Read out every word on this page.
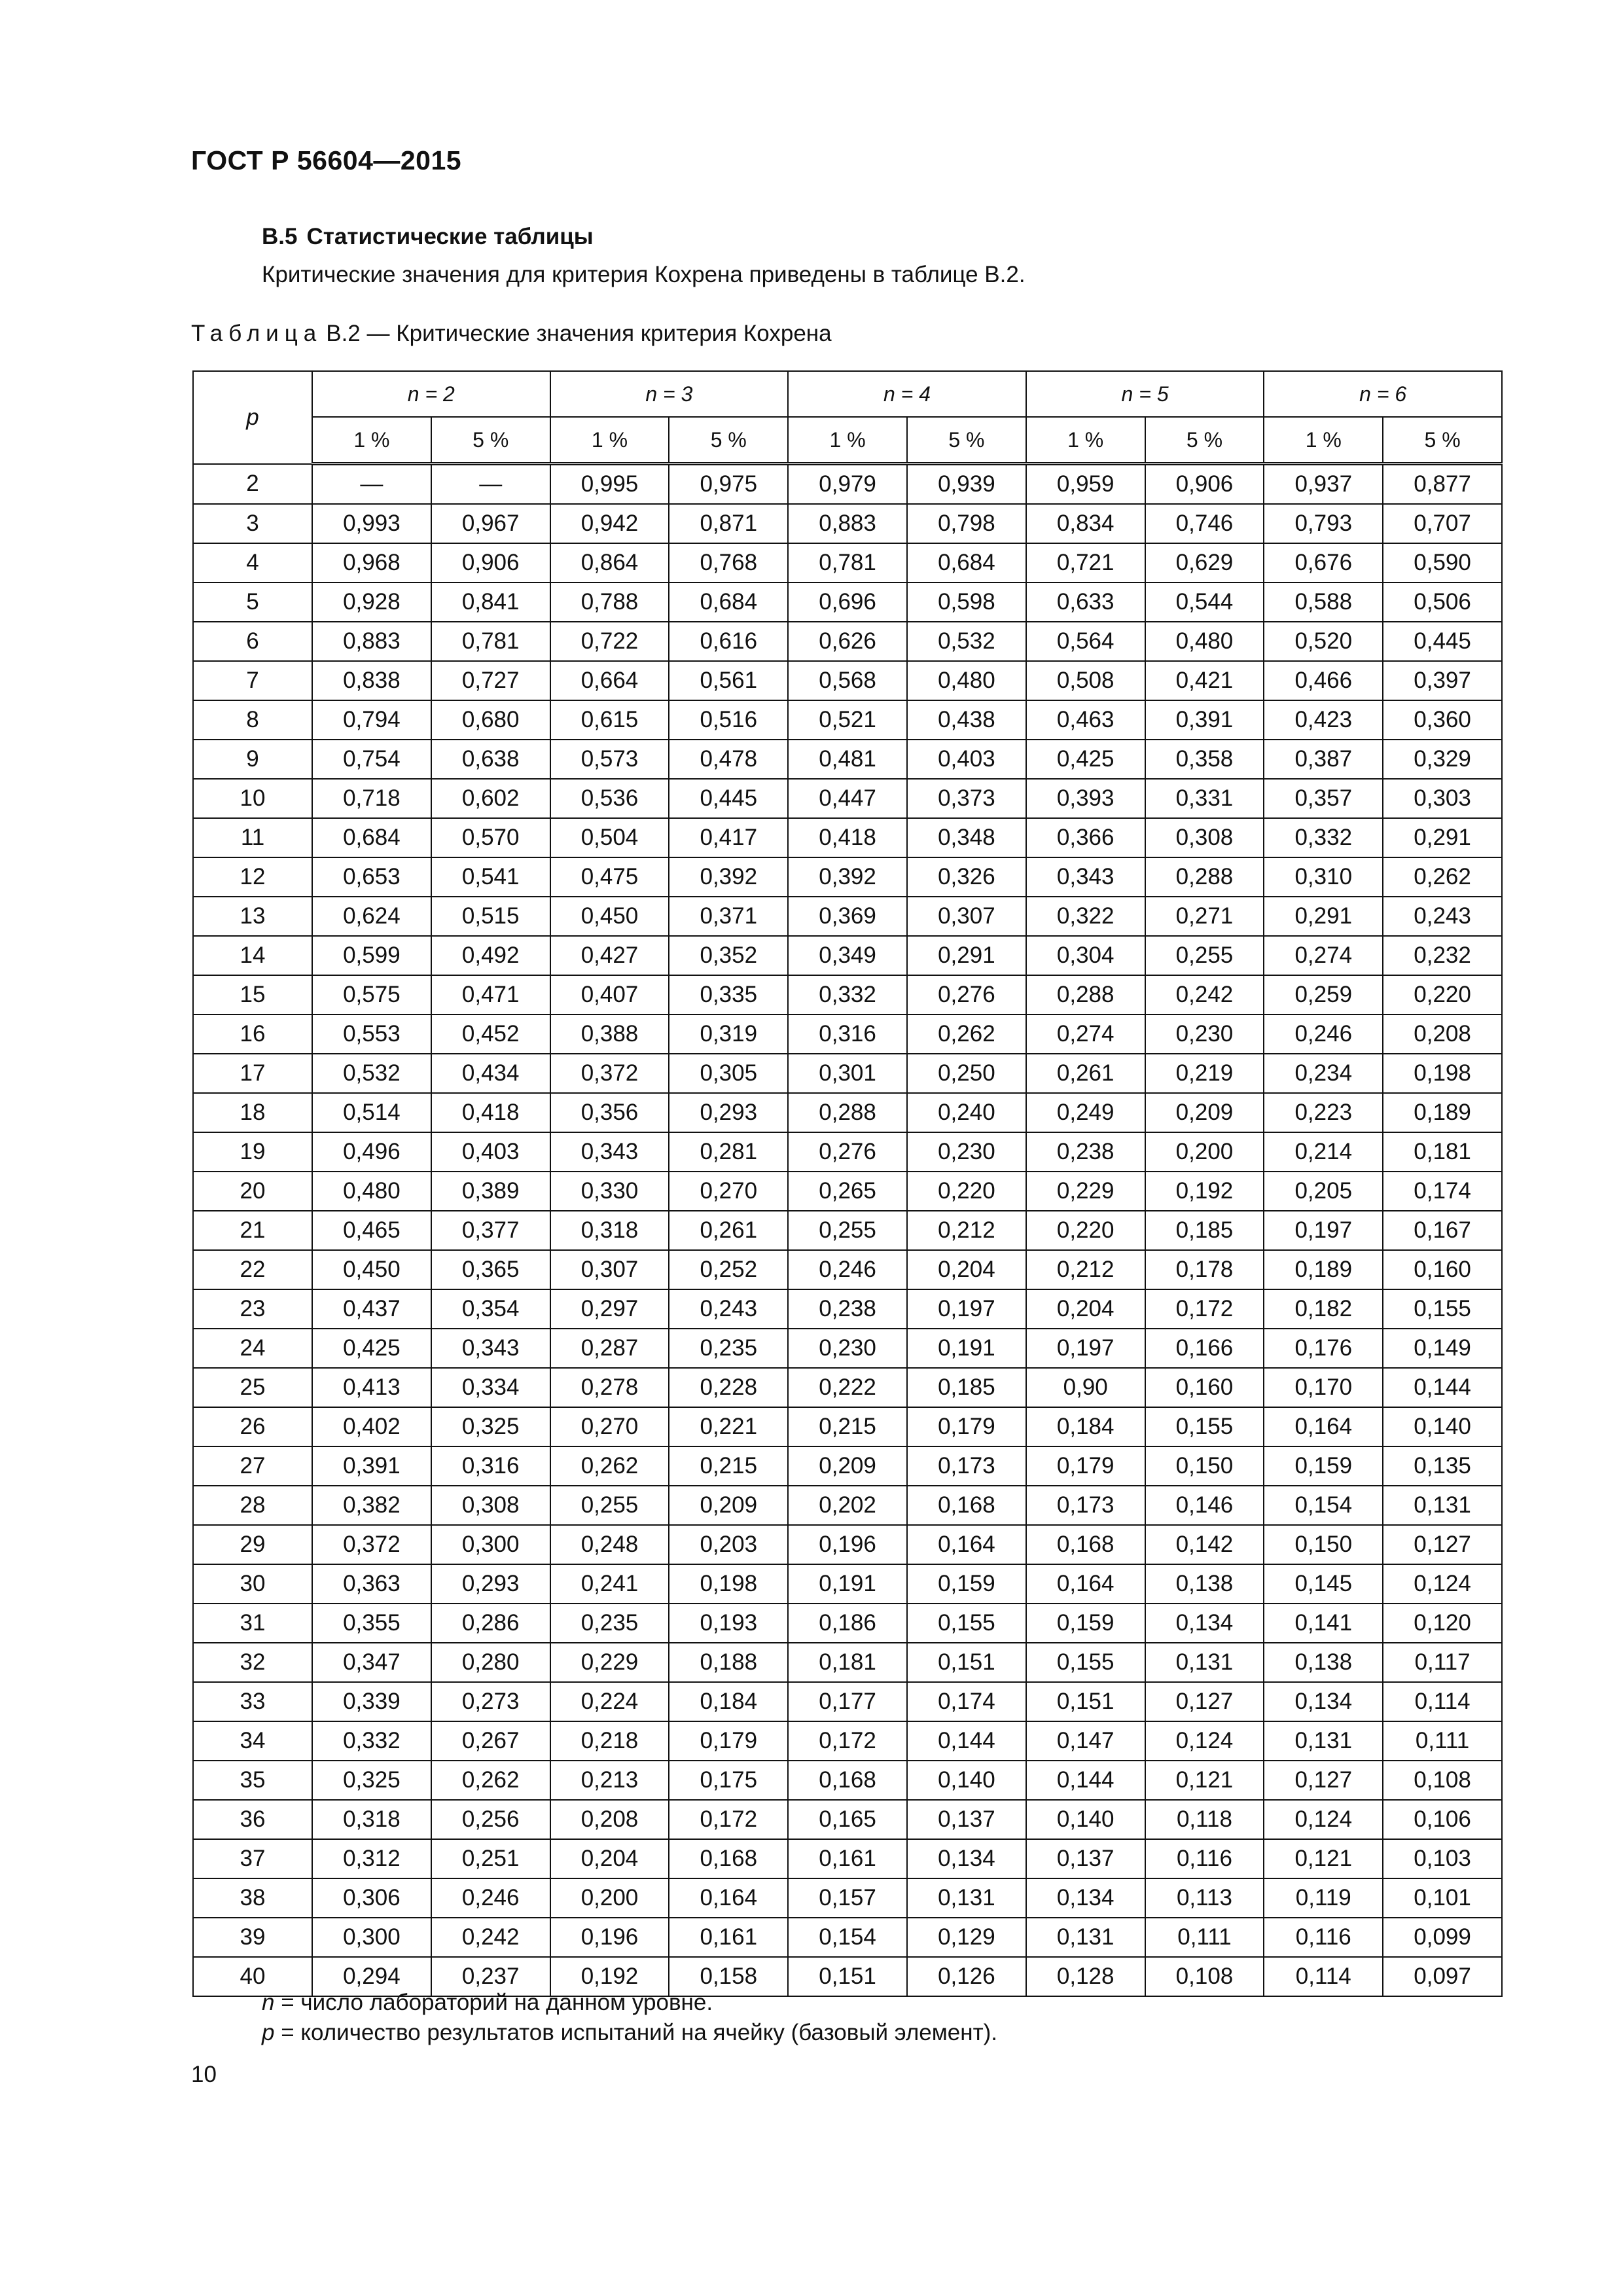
ГОСТ Р 56604—2015
В.5 Статистические таблицы
Критические значения для критерия Кохрена приведены в таблице В.2.
Таблица В.2 — Критические значения критерия Кохрена
p	n = 2		n = 3		n = 4		n = 5		n = 6	
	1 %	5 %	1 %	5 %	1 %	5 %	1 %	5 %	1 %	5 %
2	—	—	0,995	0,975	0,979	0,939	0,959	0,906	0,937	0,877
3	0,993	0,967	0,942	0,871	0,883	0,798	0,834	0,746	0,793	0,707
4	0,968	0,906	0,864	0,768	0,781	0,684	0,721	0,629	0,676	0,590
5	0,928	0,841	0,788	0,684	0,696	0,598	0,633	0,544	0,588	0,506
6	0,883	0,781	0,722	0,616	0,626	0,532	0,564	0,480	0,520	0,445
7	0,838	0,727	0,664	0,561	0,568	0,480	0,508	0,421	0,466	0,397
8	0,794	0,680	0,615	0,516	0,521	0,438	0,463	0,391	0,423	0,360
9	0,754	0,638	0,573	0,478	0,481	0,403	0,425	0,358	0,387	0,329
10	0,718	0,602	0,536	0,445	0,447	0,373	0,393	0,331	0,357	0,303
11	0,684	0,570	0,504	0,417	0,418	0,348	0,366	0,308	0,332	0,291
12	0,653	0,541	0,475	0,392	0,392	0,326	0,343	0,288	0,310	0,262
13	0,624	0,515	0,450	0,371	0,369	0,307	0,322	0,271	0,291	0,243
14	0,599	0,492	0,427	0,352	0,349	0,291	0,304	0,255	0,274	0,232
15	0,575	0,471	0,407	0,335	0,332	0,276	0,288	0,242	0,259	0,220
16	0,553	0,452	0,388	0,319	0,316	0,262	0,274	0,230	0,246	0,208
17	0,532	0,434	0,372	0,305	0,301	0,250	0,261	0,219	0,234	0,198
18	0,514	0,418	0,356	0,293	0,288	0,240	0,249	0,209	0,223	0,189
19	0,496	0,403	0,343	0,281	0,276	0,230	0,238	0,200	0,214	0,181
20	0,480	0,389	0,330	0,270	0,265	0,220	0,229	0,192	0,205	0,174
21	0,465	0,377	0,318	0,261	0,255	0,212	0,220	0,185	0,197	0,167
22	0,450	0,365	0,307	0,252	0,246	0,204	0,212	0,178	0,189	0,160
23	0,437	0,354	0,297	0,243	0,238	0,197	0,204	0,172	0,182	0,155
24	0,425	0,343	0,287	0,235	0,230	0,191	0,197	0,166	0,176	0,149
25	0,413	0,334	0,278	0,228	0,222	0,185	0,90	0,160	0,170	0,144
26	0,402	0,325	0,270	0,221	0,215	0,179	0,184	0,155	0,164	0,140
27	0,391	0,316	0,262	0,215	0,209	0,173	0,179	0,150	0,159	0,135
28	0,382	0,308	0,255	0,209	0,202	0,168	0,173	0,146	0,154	0,131
29	0,372	0,300	0,248	0,203	0,196	0,164	0,168	0,142	0,150	0,127
30	0,363	0,293	0,241	0,198	0,191	0,159	0,164	0,138	0,145	0,124
31	0,355	0,286	0,235	0,193	0,186	0,155	0,159	0,134	0,141	0,120
32	0,347	0,280	0,229	0,188	0,181	0,151	0,155	0,131	0,138	0,117
33	0,339	0,273	0,224	0,184	0,177	0,174	0,151	0,127	0,134	0,114
34	0,332	0,267	0,218	0,179	0,172	0,144	0,147	0,124	0,131	0,111
35	0,325	0,262	0,213	0,175	0,168	0,140	0,144	0,121	0,127	0,108
36	0,318	0,256	0,208	0,172	0,165	0,137	0,140	0,118	0,124	0,106
37	0,312	0,251	0,204	0,168	0,161	0,134	0,137	0,116	0,121	0,103
38	0,306	0,246	0,200	0,164	0,157	0,131	0,134	0,113	0,119	0,101
39	0,300	0,242	0,196	0,161	0,154	0,129	0,131	0,111	0,116	0,099
40	0,294	0,237	0,192	0,158	0,151	0,126	0,128	0,108	0,114	0,097
n = число лабораторий на данном уровне.
p = количество результатов испытаний на ячейку (базовый элемент).
10
